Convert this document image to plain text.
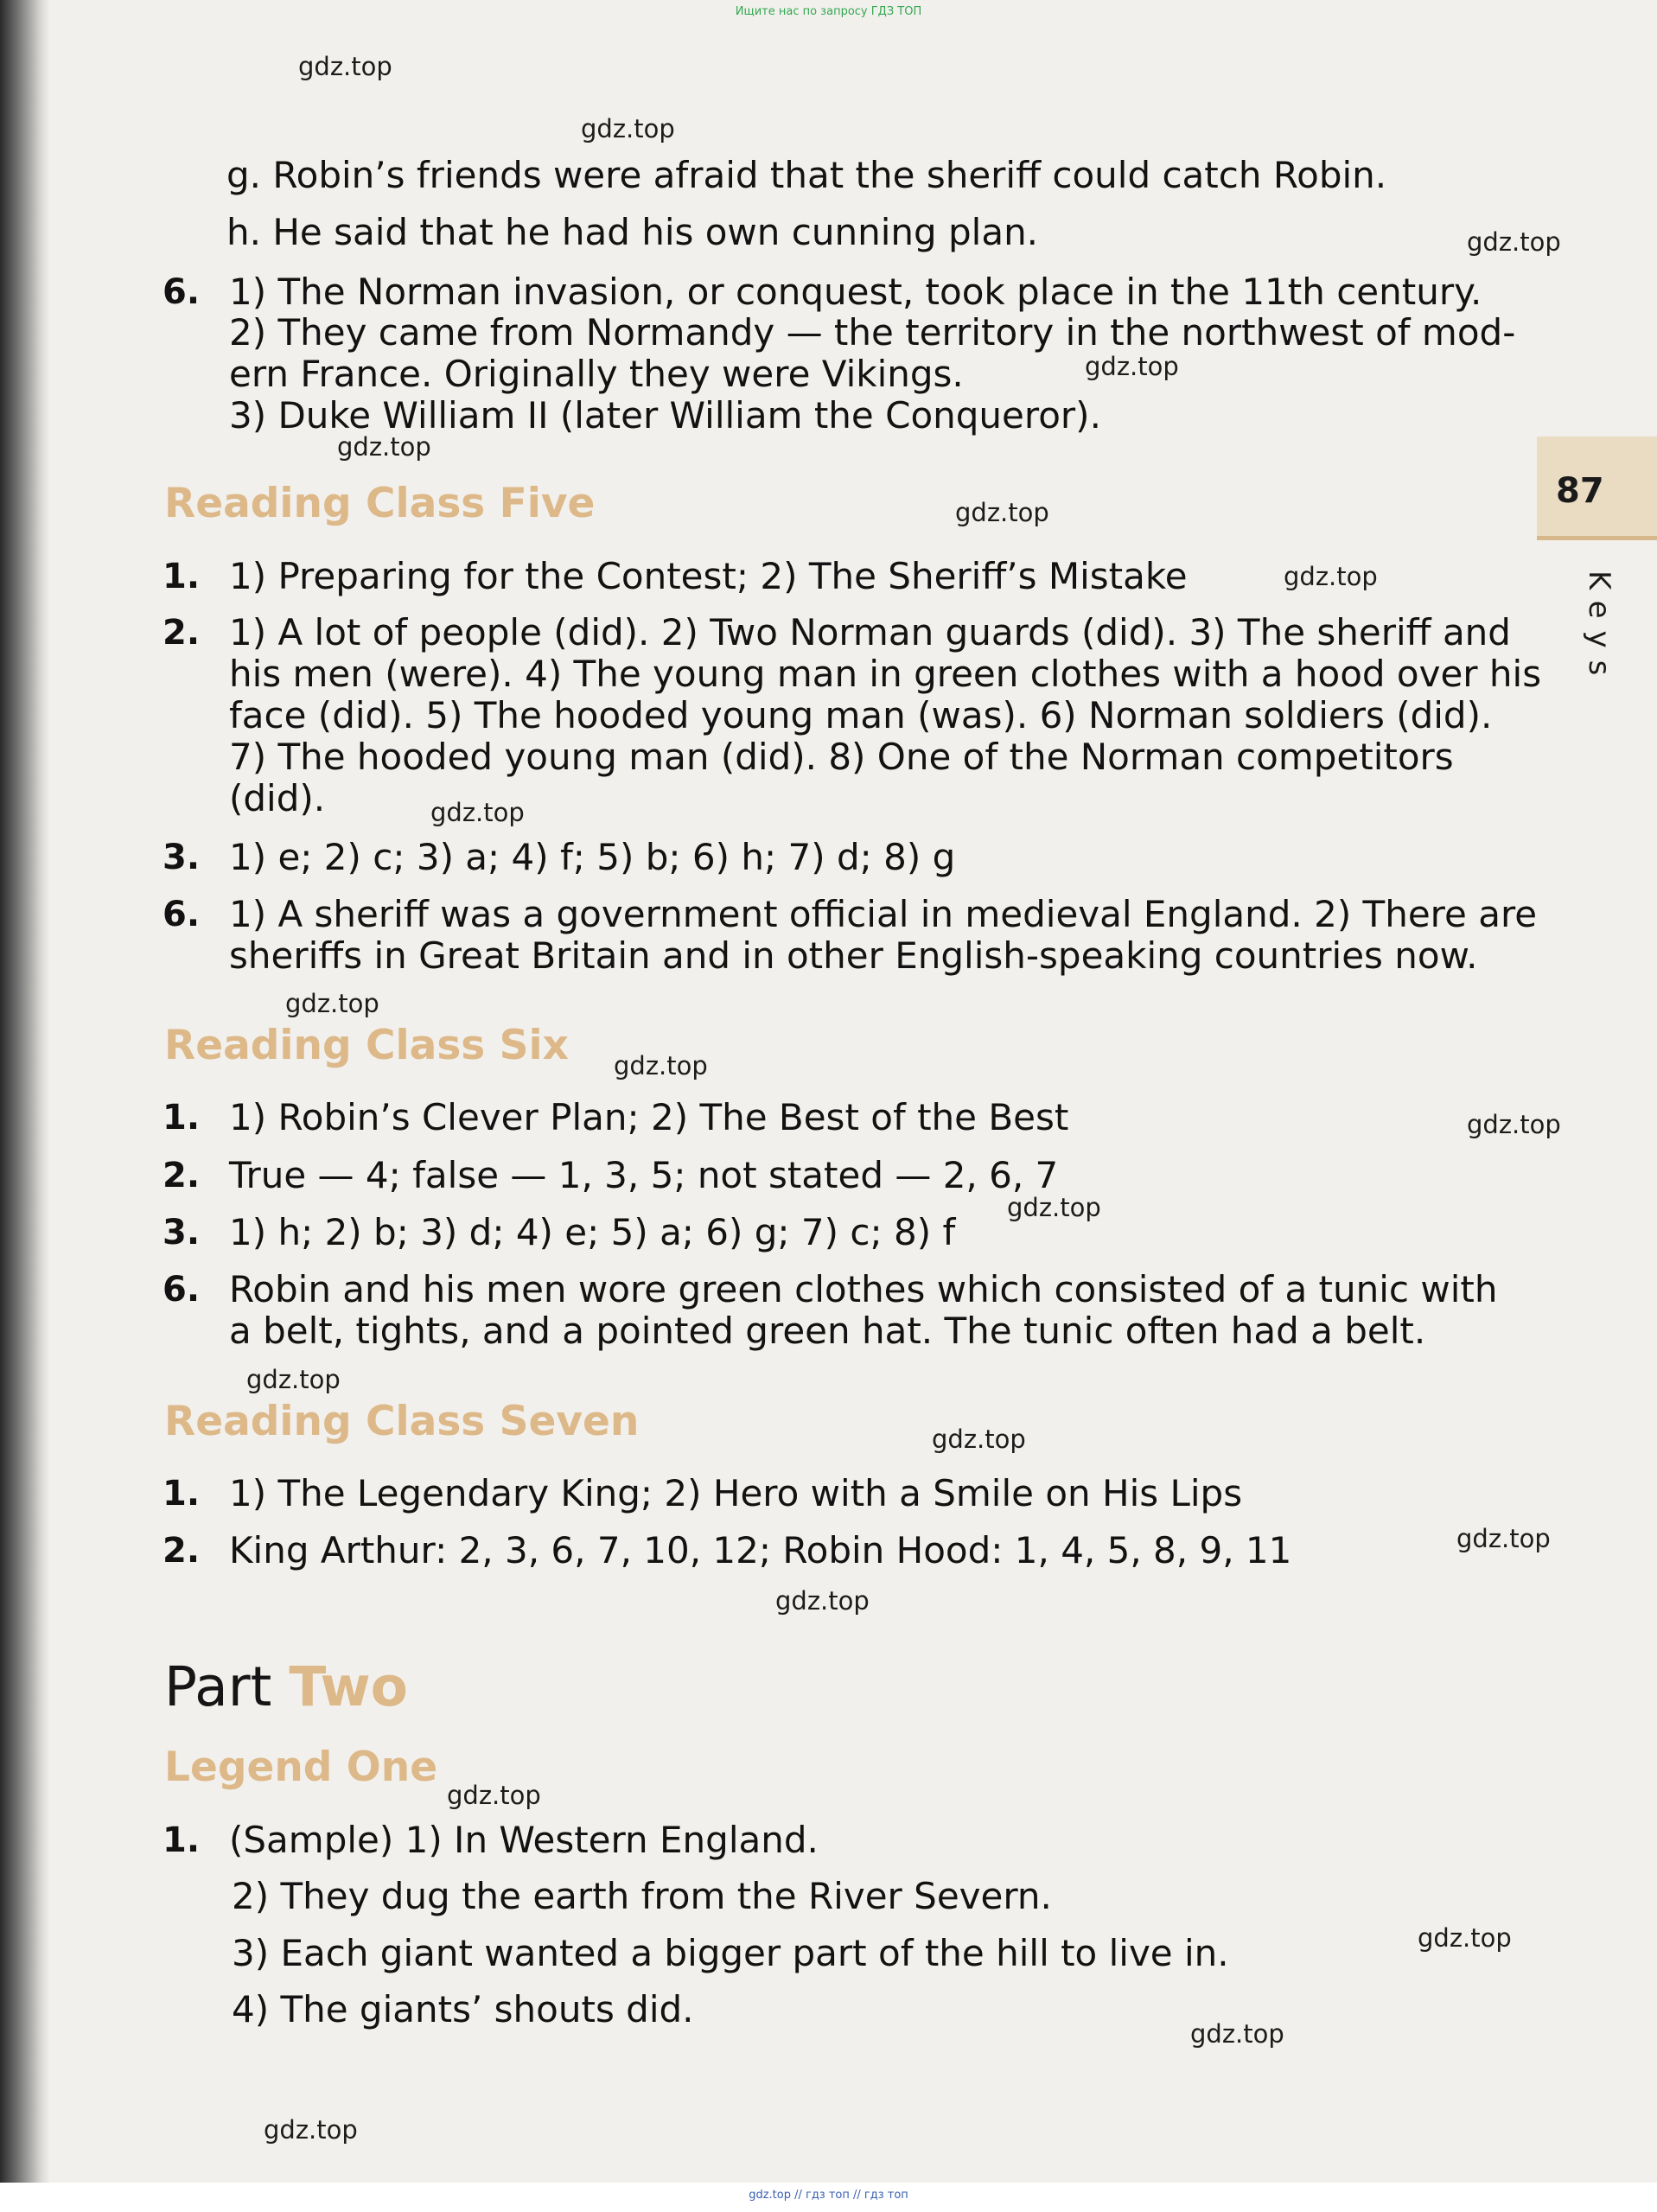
Ищите нас по запросу ГДЗ ТОП
87
Keys
gdz.top
gdz.top
gdz.top
gdz.top
gdz.top
gdz.top
gdz.top
gdz.top
gdz.top
gdz.top
gdz.top
gdz.top
gdz.top
gdz.top
gdz.top
gdz.top
gdz.top
gdz.top
gdz.top
gdz.top
g. Robin’s friends were afraid that the sheriff could catch Robin.
h. He said that he had his own cunning plan.
6. 1) The Norman invasion, or conquest, took place in the 11th century.
2) They came from Normandy — the territory in the northwest of mod-
ern France. Originally they were Vikings.
3) Duke William II (later William the Conqueror).
Reading Class Five
1. 1) Preparing for the Contest; 2) The Sheriff’s Mistake
2. 1) A lot of people (did). 2) Two Norman guards (did). 3) The sheriff and
his men (were). 4) The young man in green clothes with a hood over his
face (did). 5) The hooded young man (was). 6) Norman soldiers (did).
7) The hooded young man (did). 8) One of the Norman competitors
(did).
3. 1) e; 2) c; 3) a; 4) f; 5) b; 6) h; 7) d; 8) g
6. 1) A sheriff was a government official in medieval England. 2) There are
sheriffs in Great Britain and in other English-speaking countries now.
Reading Class Six
1. 1) Robin’s Clever Plan; 2) The Best of the Best
2. True — 4; false — 1, 3, 5; not stated — 2, 6, 7
3. 1) h; 2) b; 3) d; 4) e; 5) a; 6) g; 7) c; 8) f
6. Robin and his men wore green clothes which consisted of a tunic with
a belt, tights, and a pointed green hat. The tunic often had a belt.
Reading Class Seven
1. 1) The Legendary King; 2) Hero with a Smile on His Lips
2. King Arthur: 2, 3, 6, 7, 10, 12; Robin Hood: 1, 4, 5, 8, 9, 11
Part Two
Legend One
1. (Sample) 1) In Western England.
2) They dug the earth from the River Severn.
3) Each giant wanted a bigger part of the hill to live in.
4) The giants’ shouts did.
gdz.top // гдз топ // гдз топ
